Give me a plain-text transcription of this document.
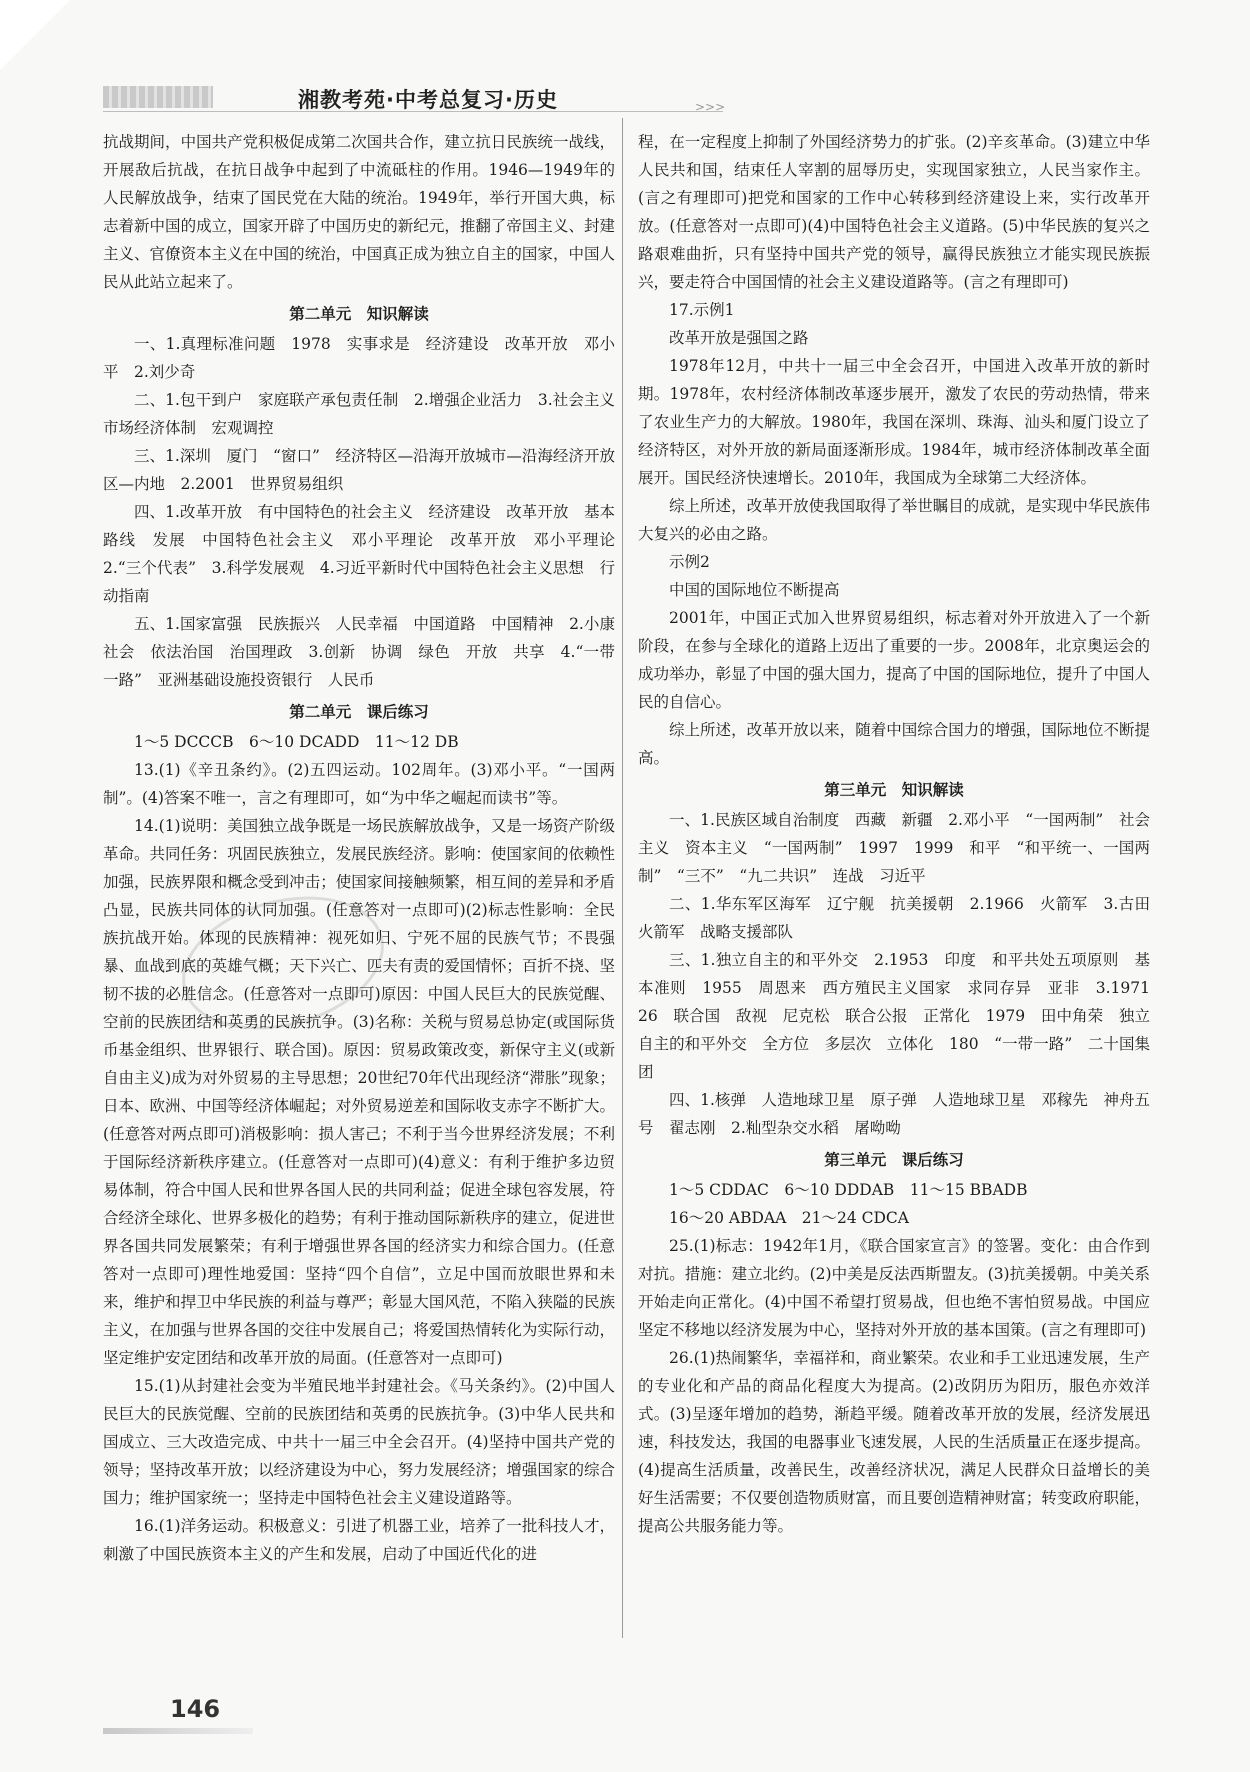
湘教考苑·中考总复习·历史	>>>

抗战期间，中国共产党积极促成第二次国共合作，建立抗日民族统一战线，开展敌后抗战，在抗日战争中起到了中流砥柱的作用。1946—1949年的人民解放战争，结束了国民党在大陆的统治。1949年，举行开国大典，标志着新中国的成立，国家开辟了中国历史的新纪元，推翻了帝国主义、封建主义、官僚资本主义在中国的统治，中国真正成为独立自主的国家，中国人民从此站立起来了。

第二单元　知识解读

一、1.真理标准问题　1978　实事求是　经济建设　改革开放　邓小平　2.刘少奇

二、1.包干到户　家庭联产承包责任制　2.增强企业活力　3.社会主义市场经济体制　宏观调控

三、1.深圳　厦门　“窗口”　经济特区—沿海开放城市—沿海经济开放区—内地　2.2001　世界贸易组织

四、1.改革开放　有中国特色的社会主义　经济建设　改革开放　基本路线　发展　中国特色社会主义　邓小平理论　改革开放　邓小平理论　2.“三个代表”　3.科学发展观　4.习近平新时代中国特色社会主义思想　行动指南

五、1.国家富强　民族振兴　人民幸福　中国道路　中国精神　2.小康社会　依法治国　治国理政　3.创新　协调　绿色　开放　共享　4.“一带一路”　亚洲基础设施投资银行　人民币

第二单元　课后练习

1～5 DCCCB　6～10 DCADD　11～12 DB

13.(1)《辛丑条约》。(2)五四运动。102周年。(3)邓小平。“一国两制”。(4)答案不唯一，言之有理即可，如“为中华之崛起而读书”等。

14.(1)说明：美国独立战争既是一场民族解放战争，又是一场资产阶级革命。共同任务：巩固民族独立，发展民族经济。影响：使国家间的依赖性加强，民族界限和概念受到冲击；使国家间接触频繁，相互间的差异和矛盾凸显，民族共同体的认同加强。(任意答对一点即可)(2)标志性影响：全民族抗战开始。体现的民族精神：视死如归、宁死不屈的民族气节；不畏强暴、血战到底的英雄气概；天下兴亡、匹夫有责的爱国情怀；百折不挠、坚韧不拔的必胜信念。(任意答对一点即可)原因：中国人民巨大的民族觉醒、空前的民族团结和英勇的民族抗争。(3)名称：关税与贸易总协定(或国际货币基金组织、世界银行、联合国)。原因：贸易政策改变，新保守主义(或新自由主义)成为对外贸易的主导思想；20世纪70年代出现经济“滞胀”现象；日本、欧洲、中国等经济体崛起；对外贸易逆差和国际收支赤字不断扩大。(任意答对两点即可)消极影响：损人害己；不利于当今世界经济发展；不利于国际经济新秩序建立。(任意答对一点即可)(4)意义：有利于维护多边贸易体制，符合中国人民和世界各国人民的共同利益；促进全球包容发展，符合经济全球化、世界多极化的趋势；有利于推动国际新秩序的建立，促进世界各国共同发展繁荣；有利于增强世界各国的经济实力和综合国力。(任意答对一点即可)理性地爱国：坚持“四个自信”，立足中国而放眼世界和未来，维护和捍卫中华民族的利益与尊严；彰显大国风范，不陷入狭隘的民族主义，在加强与世界各国的交往中发展自己；将爱国热情转化为实际行动，坚定维护安定团结和改革开放的局面。(任意答对一点即可)

15.(1)从封建社会变为半殖民地半封建社会。《马关条约》。(2)中国人民巨大的民族觉醒、空前的民族团结和英勇的民族抗争。(3)中华人民共和国成立、三大改造完成、中共十一届三中全会召开。(4)坚持中国共产党的领导；坚持改革开放；以经济建设为中心，努力发展经济；增强国家的综合国力；维护国家统一；坚持走中国特色社会主义建设道路等。

16.(1)洋务运动。积极意义：引进了机器工业，培养了一批科技人才，刺激了中国民族资本主义的产生和发展，启动了中国近代化的进

程，在一定程度上抑制了外国经济势力的扩张。(2)辛亥革命。(3)建立中华人民共和国，结束任人宰割的屈辱历史，实现国家独立，人民当家作主。(言之有理即可)把党和国家的工作中心转移到经济建设上来，实行改革开放。(任意答对一点即可)(4)中国特色社会主义道路。(5)中华民族的复兴之路艰难曲折，只有坚持中国共产党的领导，赢得民族独立才能实现民族振兴，要走符合中国国情的社会主义建设道路等。(言之有理即可)

17.示例1

改革开放是强国之路

1978年12月，中共十一届三中全会召开，中国进入改革开放的新时期。1978年，农村经济体制改革逐步展开，激发了农民的劳动热情，带来了农业生产力的大解放。1980年，我国在深圳、珠海、汕头和厦门设立了经济特区，对外开放的新局面逐渐形成。1984年，城市经济体制改革全面展开。国民经济快速增长。2010年，我国成为全球第二大经济体。

综上所述，改革开放使我国取得了举世瞩目的成就，是实现中华民族伟大复兴的必由之路。

示例2

中国的国际地位不断提高

2001年，中国正式加入世界贸易组织，标志着对外开放进入了一个新阶段，在参与全球化的道路上迈出了重要的一步。2008年，北京奥运会的成功举办，彰显了中国的强大国力，提高了中国的国际地位，提升了中国人民的自信心。

综上所述，改革开放以来，随着中国综合国力的增强，国际地位不断提高。

第三单元　知识解读

一、1.民族区域自治制度　西藏　新疆　2.邓小平　“一国两制”　社会主义　资本主义　“一国两制”　1997　1999　和平　“和平统一、一国两制”　“三不”　“九二共识”　连战　习近平

二、1.华东军区海军　辽宁舰　抗美援朝　2.1966　火箭军　3.古田　火箭军　战略支援部队

三、1.独立自主的和平外交　2.1953　印度　和平共处五项原则　基本准则　1955　周恩来　西方殖民主义国家　求同存异　亚非　3.1971　26　联合国　敌视　尼克松　联合公报　正常化　1979　田中角荣　独立自主的和平外交　全方位　多层次　立体化　180　“一带一路”　二十国集团

四、1.核弹　人造地球卫星　原子弹　人造地球卫星　邓稼先　神舟五号　翟志刚　2.籼型杂交水稻　屠呦呦

第三单元　课后练习

1～5 CDDAC　6～10 DDDAB　11～15 BBADB

16～20 ABDAA　21～24 CDCA

25.(1)标志：1942年1月，《联合国家宣言》的签署。变化：由合作到对抗。措施：建立北约。(2)中美是反法西斯盟友。(3)抗美援朝。中美关系开始走向正常化。(4)中国不希望打贸易战，但也绝不害怕贸易战。中国应坚定不移地以经济发展为中心，坚持对外开放的基本国策。(言之有理即可)

26.(1)热闹繁华，幸福祥和，商业繁荣。农业和手工业迅速发展，生产的专业化和产品的商品化程度大为提高。(2)改阴历为阳历，服色亦效洋式。(3)呈逐年增加的趋势，渐趋平缓。随着改革开放的发展，经济发展迅速，科技发达，我国的电器事业飞速发展，人民的生活质量正在逐步提高。(4)提高生活质量，改善民生，改善经济状况，满足人民群众日益增长的美好生活需要；不仅要创造物质财富，而且要创造精神财富；转变政府职能，提高公共服务能力等。

146
